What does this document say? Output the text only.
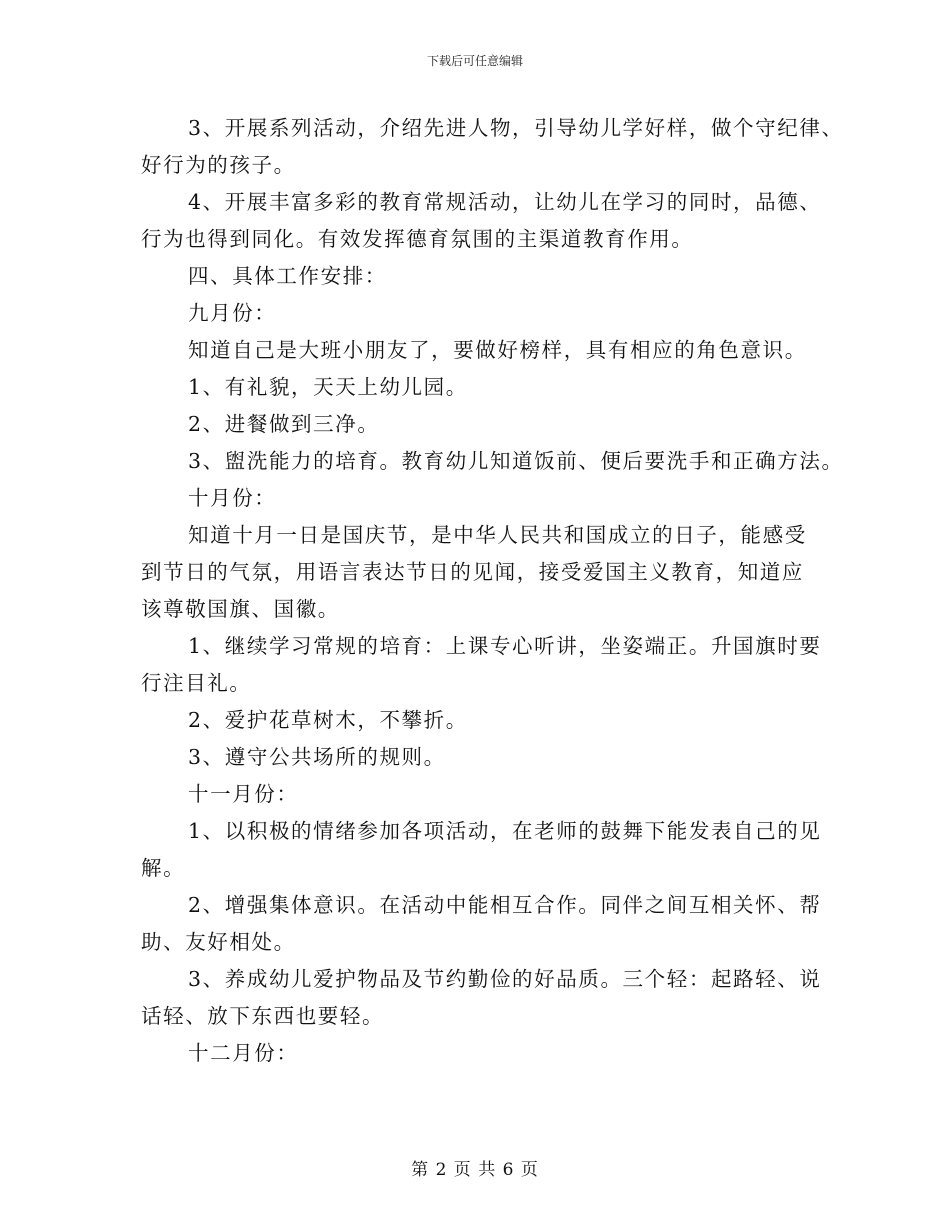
下载后可任意编辑
3、开展系列活动，介绍先进人物，引导幼儿学好样，做个守纪律、
好行为的孩子。
4、开展丰富多彩的教育常规活动，让幼儿在学习的同时，品德、
行为也得到同化。有效发挥德育氛围的主渠道教育作用。
四、具体工作安排：
九月份：
知道自己是大班小朋友了，要做好榜样，具有相应的角色意识。
1、有礼貌，天天上幼儿园。
2、进餐做到三净。
3、盥洗能力的培育。教育幼儿知道饭前、便后要洗手和正确方法。
十月份：
知道十月一日是国庆节，是中华人民共和国成立的日子，能感受
到节日的气氛，用语言表达节日的见闻，接受爱国主义教育，知道应
该尊敬国旗、国徽。
1、继续学习常规的培育：上课专心听讲，坐姿端正。升国旗时要
行注目礼。
2、爱护花草树木，不攀折。
3、遵守公共场所的规则。
十一月份：
1、以积极的情绪参加各项活动，在老师的鼓舞下能发表自己的见
解。
2、增强集体意识。在活动中能相互合作。同伴之间互相关怀、帮
助、友好相处。
3、养成幼儿爱护物品及节约勤俭的好品质。三个轻：起路轻、说
话轻、放下东西也要轻。
十二月份：
第 2 页 共 6 页
